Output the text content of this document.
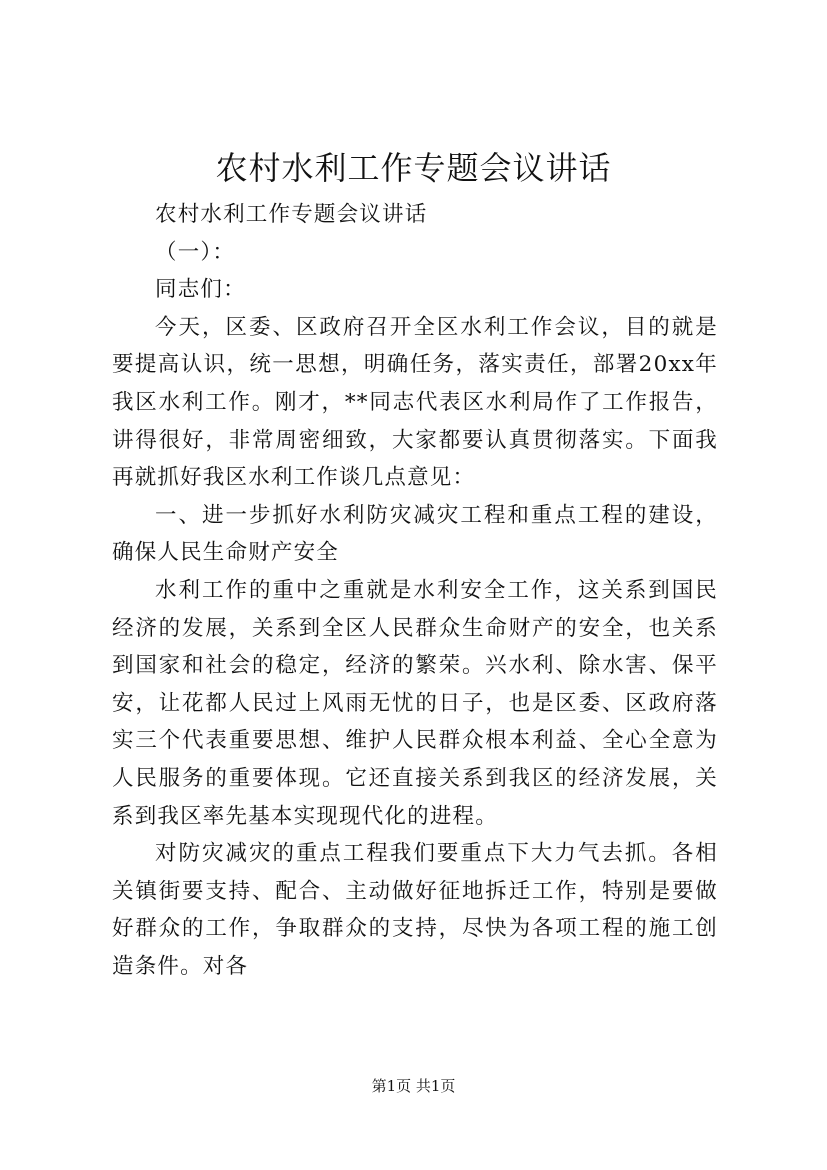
农村水利工作专题会议讲话

农村水利工作专题会议讲话

（一）：

同志们：

今天，区委、区政府召开全区水利工作会议，目的就是要提高认识，统一思想，明确任务，落实责任，部署20xx年我区水利工作。刚才，**同志代表区水利局作了工作报告，讲得很好，非常周密细致，大家都要认真贯彻落实。下面我再就抓好我区水利工作谈几点意见：

一、进一步抓好水利防灾减灾工程和重点工程的建设，确保人民生命财产安全

水利工作的重中之重就是水利安全工作，这关系到国民经济的发展，关系到全区人民群众生命财产的安全，也关系到国家和社会的稳定，经济的繁荣。兴水利、除水害、保平安，让花都人民过上风雨无忧的日子，也是区委、区政府落实三个代表重要思想、维护人民群众根本利益、全心全意为人民服务的重要体现。它还直接关系到我区的经济发展，关系到我区率先基本实现现代化的进程。

对防灾减灾的重点工程我们要重点下大力气去抓。各相关镇街要支持、配合、主动做好征地拆迁工作，特别是要做好群众的工作，争取群众的支持，尽快为各项工程的施工创造条件。对各

第1页 共1页
